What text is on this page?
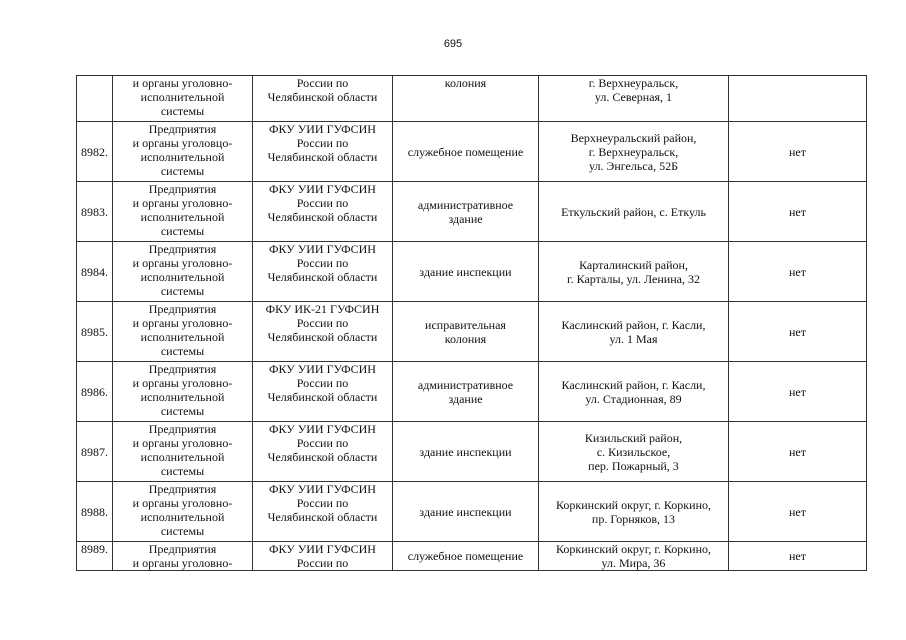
695
	и органы уголовно-
исполнительной
системы	России по
Челябинской области	колония	г. Верхнеуральск,
ул. Северная, 1	
8982.	Предприятия
и органы уголовцо-
исполнительной
системы	ФКУ УИИ ГУФСИН
России по
Челябинской области	служебное помещение	Верхнеуральский район,
г. Верхнеуральск,
ул. Энгельса, 52Б	нет
8983.	Предприятия
и органы уголовно-
исполнительной
системы	ФКУ УИИ ГУФСИН
России по
Челябинской области	административное
здание	Еткульский район, с. Еткуль	нет
8984.	Предприятия
и органы уголовно-
исполнительной
системы	ФКУ УИИ ГУФСИН
России по
Челябинской области	здание инспекции	Карталинский район,
г. Карталы, ул. Ленина, 32	нет
8985.	Предприятия
и органы уголовно-
исполнительной
системы	ФКУ ИК-21 ГУФСИН
России по
Челябинской области	исправительная
колония	Каслинский район, г. Касли,
ул. 1 Мая	нет
8986.	Предприятия
и органы уголовно-
исполнительной
системы	ФКУ УИИ ГУФСИН
России по
Челябинской области	административное
здание	Каслинский район, г. Касли,
ул. Стадионная, 89	нет
8987.	Предприятия
и органы уголовно-
исполнительной
системы	ФКУ УИИ ГУФСИН
России по
Челябинской области	здание инспекции	Кизильский район,
с. Кизильское,
пер. Пожарный, 3	нет
8988.	Предприятия
и органы уголовно-
исполнительной
системы	ФКУ УИИ ГУФСИН
России по
Челябинской области	здание инспекции	Коркинский округ, г. Коркино,
пр. Горняков, 13	нет
8989.	Предприятия
и органы уголовно-	ФКУ УИИ ГУФСИН
России по	служебное помещение	Коркинский округ, г. Коркино,
ул. Мира, 36	нет
